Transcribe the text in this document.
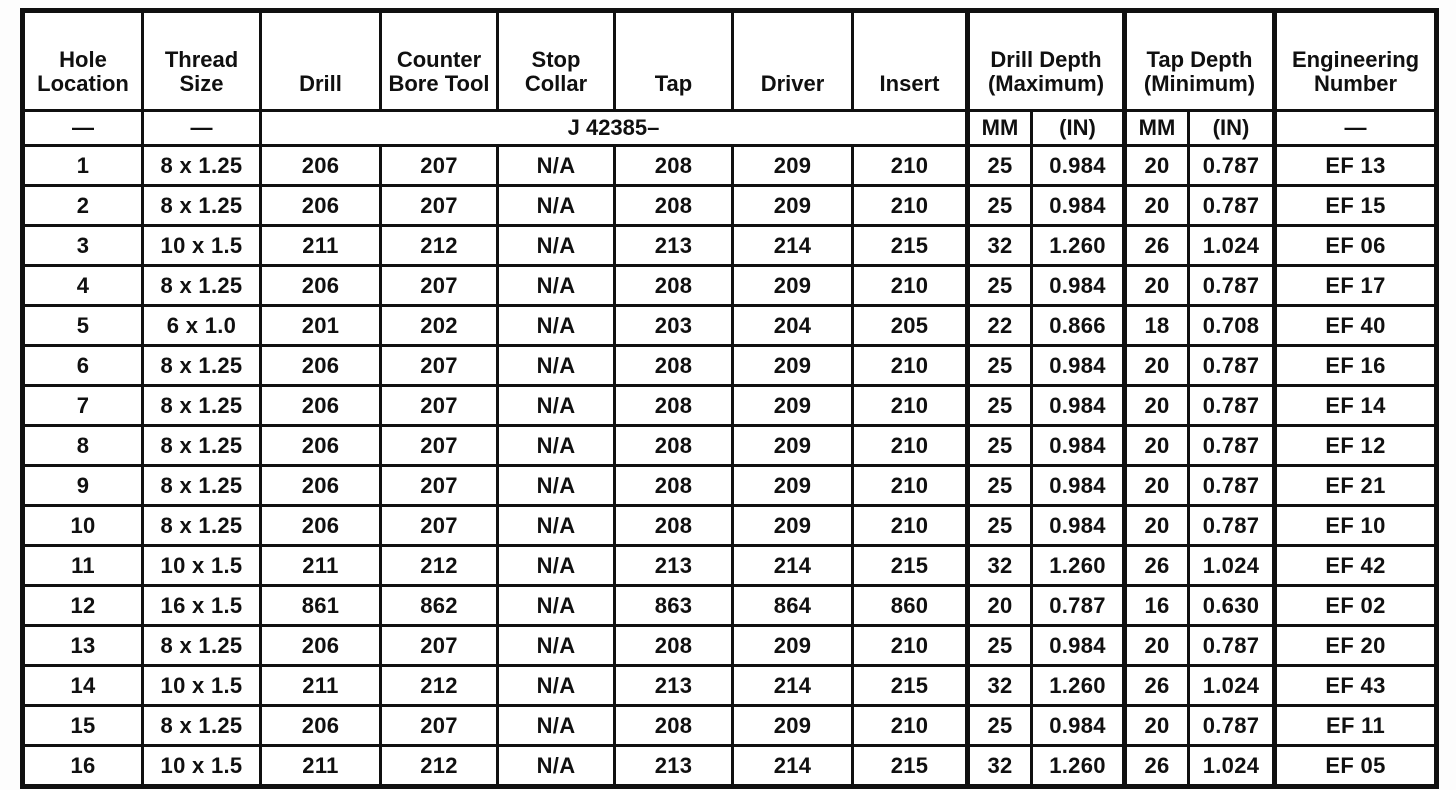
Hole Location	Thread Size	Drill	Counter Bore Tool	Stop Collar	Tap	Driver	Insert	Drill Depth (Maximum)		Tap Depth (Minimum)		Engineering Number
—	—	J 42385–						MM	(IN)	MM	(IN)	—
1	8 x 1.25	206	207	N/A	208	209	210	25	0.984	20	0.787	EF 13
2	8 x 1.25	206	207	N/A	208	209	210	25	0.984	20	0.787	EF 15
3	10 x 1.5	211	212	N/A	213	214	215	32	1.260	26	1.024	EF 06
4	8 x 1.25	206	207	N/A	208	209	210	25	0.984	20	0.787	EF 17
5	6 x 1.0	201	202	N/A	203	204	205	22	0.866	18	0.708	EF 40
6	8 x 1.25	206	207	N/A	208	209	210	25	0.984	20	0.787	EF 16
7	8 x 1.25	206	207	N/A	208	209	210	25	0.984	20	0.787	EF 14
8	8 x 1.25	206	207	N/A	208	209	210	25	0.984	20	0.787	EF 12
9	8 x 1.25	206	207	N/A	208	209	210	25	0.984	20	0.787	EF 21
10	8 x 1.25	206	207	N/A	208	209	210	25	0.984	20	0.787	EF 10
11	10 x 1.5	211	212	N/A	213	214	215	32	1.260	26	1.024	EF 42
12	16 x 1.5	861	862	N/A	863	864	860	20	0.787	16	0.630	EF 02
13	8 x 1.25	206	207	N/A	208	209	210	25	0.984	20	0.787	EF 20
14	10 x 1.5	211	212	N/A	213	214	215	32	1.260	26	1.024	EF 43
15	8 x 1.25	206	207	N/A	208	209	210	25	0.984	20	0.787	EF 11
16	10 x 1.5	211	212	N/A	213	214	215	32	1.260	26	1.024	EF 05
